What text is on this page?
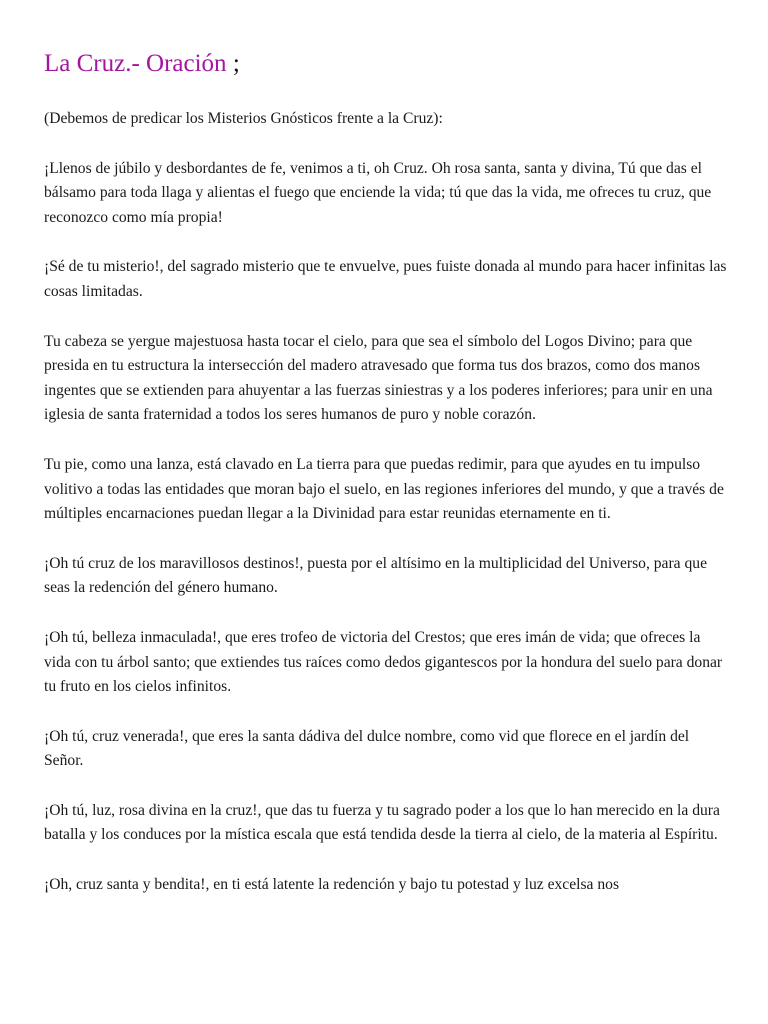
La Cruz.- Oración ;

(Debemos de predicar los Misterios Gnósticos frente a la Cruz):

¡Llenos de júbilo y desbordantes de fe, venimos a ti, oh Cruz. Oh rosa santa, santa y divina, Tú que das el bálsamo para toda llaga y alientas el fuego que enciende la vida; tú que das la vida, me ofreces tu cruz, que reconozco como mía propia!

¡Sé de tu misterio!, del sagrado misterio que te envuelve, pues fuiste donada al mundo para hacer infinitas las cosas limitadas.

Tu cabeza se yergue majestuosa hasta tocar el cielo, para que sea el símbolo del Logos Divino; para que presida en tu estructura la intersección del madero atravesado que forma tus dos brazos, como dos manos ingentes que se extienden para ahuyentar a las fuerzas siniestras y a los poderes inferiores; para unir en una iglesia de santa fraternidad a todos los seres humanos de puro y noble corazón.

Tu pie, como una lanza, está clavado en La tierra para que puedas redimir, para que ayudes en tu impulso volitivo a todas las entidades que moran bajo el suelo, en las regiones inferiores del mundo, y que a través de múltiples encarnaciones puedan llegar a la Divinidad para estar reunidas eternamente en ti.

¡Oh tú cruz de los maravillosos destinos!, puesta por el altísimo en la multiplicidad del Universo, para que seas la redención del género humano.

¡Oh tú, belleza inmaculada!, que eres trofeo de victoria del Crestos; que eres imán de vida; que ofreces la vida con tu árbol santo; que extiendes tus raíces como dedos gigantescos por la hondura del suelo para donar tu fruto en los cielos infinitos.

¡Oh tú, cruz venerada!, que eres la santa dádiva del dulce nombre, como vid que florece en el jardín del Señor.

¡Oh tú, luz, rosa divina en la cruz!, que das tu fuerza y tu sagrado poder a los que lo han merecido en la dura batalla y los conduces por la mística escala que está tendida desde la tierra al cielo, de la materia al Espíritu.

¡Oh, cruz santa y bendita!, en ti está latente la redención y bajo tu potestad y luz excelsa nos
